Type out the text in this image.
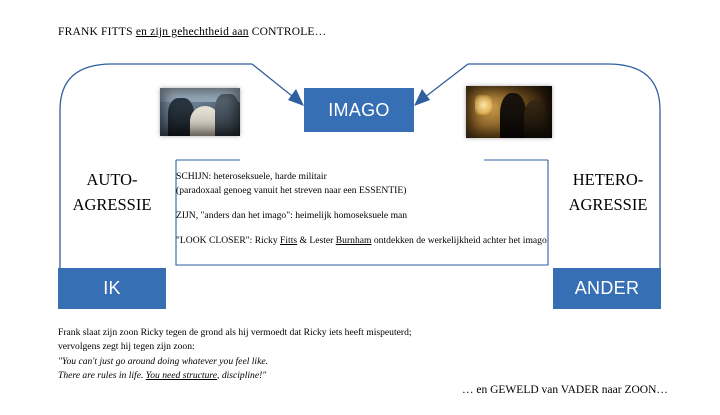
FRANK FITTS en zijn gehechtheid aan CONTROLE…
IMAGO
IK	ANDER
AUTO-
AGRESSIE
HETERO-
AGRESSIE
SCHIJN: heteroseksuele, harde militair
(paradoxaal genoeg vanuit het streven naar een ESSENTIE)
ZIJN, "anders dan het imago": heimelijk homoseksuele man
"LOOK CLOSER": Ricky Fitts & Lester Burnham ontdekken de werkelijkheid achter het imago
Frank slaat zijn zoon Ricky tegen de grond als hij vermoedt dat Ricky iets heeft mispeuterd;
vervolgens zegt hij tegen zijn zoon:
"You can't just go around doing whatever you feel like.
There are rules in life. You need structure, discipline!"
… en GEWELD van VADER naar ZOON…
